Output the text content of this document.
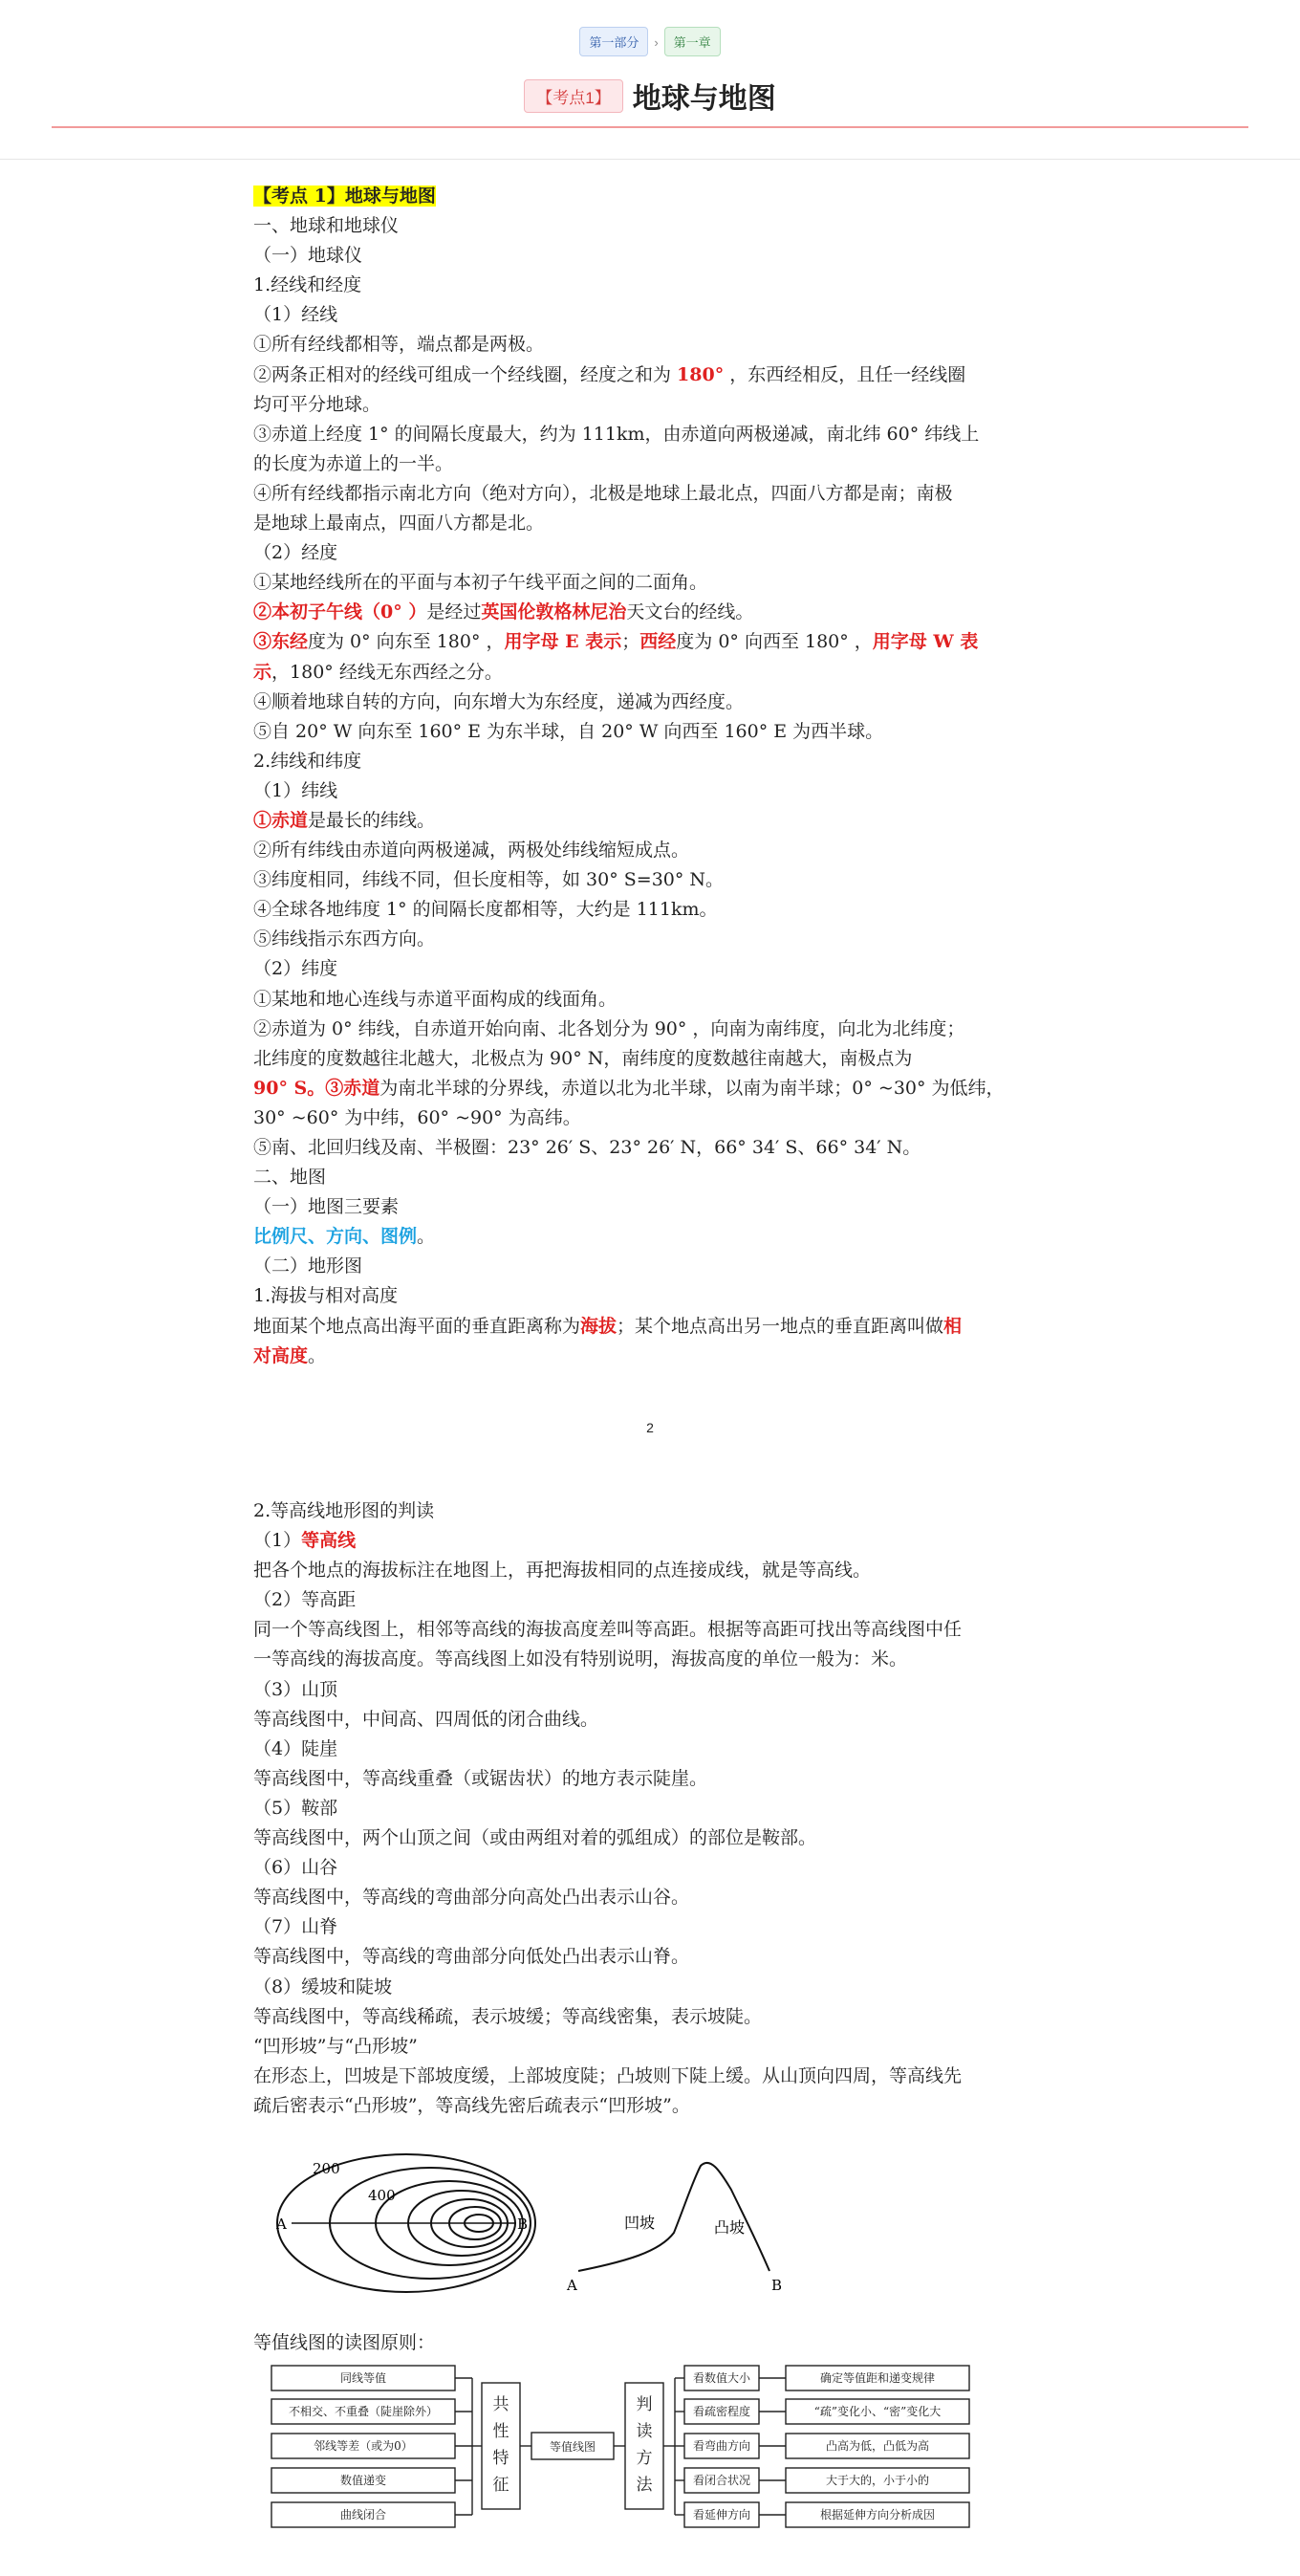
第一部分 › 第一章
【考点1】 地球与地图

【考点 1】地球与地图

一、地球和地球仪

（一）地球仪

1.经线和经度

（1）经线

①所有经线都相等，端点都是两极。

②两条正相对的经线可组成一个经线圈，经度之和为 180° ，东西经相反，且任一经线圈

均可平分地球。

③赤道上经度 1° 的间隔长度最大，约为 111km，由赤道向两极递减，南北纬 60° 纬线上

的长度为赤道上的一半。

④所有经线都指示南北方向（绝对方向），北极是地球上最北点，四面八方都是南；南极

是地球上最南点，四面八方都是北。

（2）经度

①某地经线所在的平面与本初子午线平面之间的二面角。

②本初子午线（0° ）是经过英国伦敦格林尼治天文台的经线。

③东经度为 0° 向东至 180° ，用字母 E 表示；西经度为 0° 向西至 180° ，用字母 W 表

示，180° 经线无东西经之分。

④顺着地球自转的方向，向东增大为东经度，递减为西经度。

⑤自 20° W 向东至 160° E 为东半球，自 20° W 向西至 160° E 为西半球。

2.纬线和纬度

（1）纬线

①赤道是最长的纬线。

②所有纬线由赤道向两极递减，两极处纬线缩短成点。

③纬度相同，纬线不同，但长度相等，如 30° S=30° N。

④全球各地纬度 1° 的间隔长度都相等，大约是 111km。

⑤纬线指示东西方向。

（2）纬度

①某地和地心连线与赤道平面构成的线面角。

②赤道为 0° 纬线，自赤道开始向南、北各划分为 90° ，向南为南纬度，向北为北纬度；

北纬度的度数越往北越大，北极点为 90° N，南纬度的度数越往南越大，南极点为

90° S。③赤道为南北半球的分界线，赤道以北为北半球，以南为南半球；0° ~30° 为低纬，

30° ~60° 为中纬，60° ~90° 为高纬。

⑤南、北回归线及南、半极圈：23° 26′ S、23° 26′ N，66° 34′ S、66° 34′ N。

二、地图

（一）地图三要素

比例尺、方向、图例。

（二）地形图

1.海拔与相对高度

地面某个地点高出海平面的垂直距离称为海拔；某个地点高出另一地点的垂直距离叫做相

对高度。

2

2.等高线地形图的判读

（1）等高线

把各个地点的海拔标注在地图上，再把海拔相同的点连接成线，就是等高线。

（2）等高距

同一个等高线图上，相邻等高线的海拔高度差叫等高距。根据等高距可找出等高线图中任

一等高线的海拔高度。等高线图上如没有特别说明，海拔高度的单位一般为：米。

（3）山顶

等高线图中，中间高、四周低的闭合曲线。

（4）陡崖

等高线图中，等高线重叠（或锯齿状）的地方表示陡崖。

（5）鞍部

等高线图中，两个山顶之间（或由两组对着的弧组成）的部位是鞍部。

（6）山谷

等高线图中，等高线的弯曲部分向高处凸出表示山谷。

（7）山脊

等高线图中，等高线的弯曲部分向低处凸出表示山脊。

（8）缓坡和陡坡

等高线图中，等高线稀疏，表示坡缓；等高线密集，表示坡陡。

“凹形坡”与“凸形坡”

在形态上，凹坡是下部坡度缓，上部坡度陡；凸坡则下陡上缓。从山顶向四周，等高线先

疏后密表示“凸形坡”，等高线先密后疏表示“凹形坡”。

200
400
A	B
A	B
凹坡	凸坡

等值线图的读图原则：

同线等值
不相交、不重叠（陡崖除外）
邻线等差（或为0）
数值递变
曲线闭合
共
性
特
征
等值线图
判
读
方
法
看数值大小
看疏密程度
看弯曲方向
看闭合状况
看延伸方向
确定等值距和递变规律
“疏”变化小、“密”变化大
凸高为低，凸低为高
大于大的，小于小的
根据延伸方向分析成因
